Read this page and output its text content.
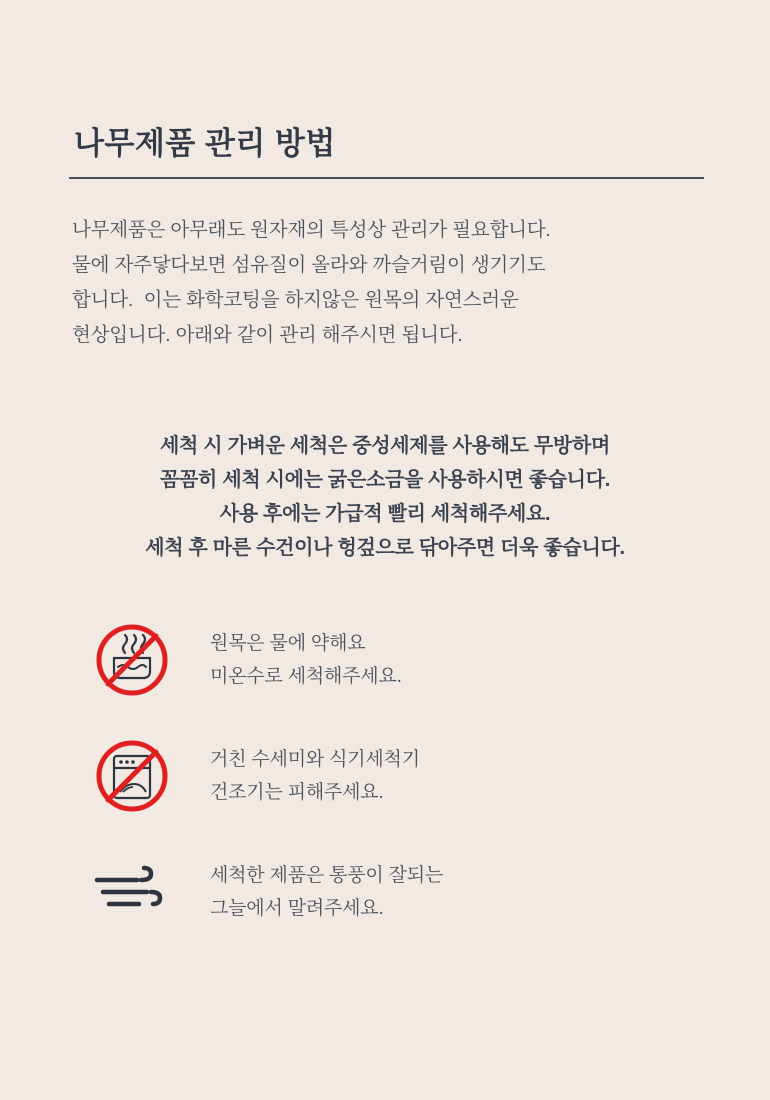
나무제품 관리 방법
나무제품은 아무래도 원자재의 특성상 관리가 필요합니다.
물에 자주닿다보면 섬유질이 올라와 까슬거림이 생기기도
합니다.  이는 화학코팅을 하지않은 원목의 자연스러운
현상입니다. 아래와 같이 관리 해주시면 됩니다.
세척 시 가벼운 세척은 중성세제를 사용해도 무방하며
꼼꼼히 세척 시에는 굵은소금을 사용하시면 좋습니다.
사용 후에는 가급적 빨리 세척해주세요.
세척 후 마른 수건이나 헝겊으로 닦아주면 더욱 좋습니다.
원목은 물에 약해요
미온수로 세척해주세요.
거친 수세미와 식기세척기
건조기는 피해주세요.
세척한 제품은 통풍이 잘되는
그늘에서 말려주세요.
